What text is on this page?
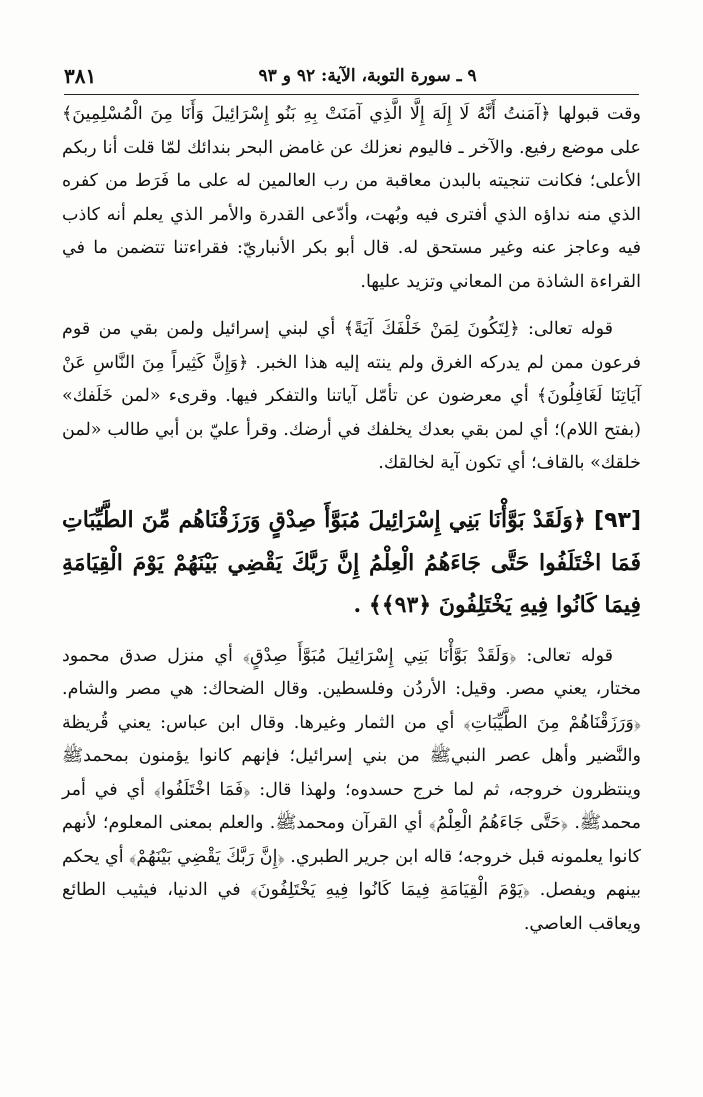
٩ ـ سورة التوبة، الآية: ٩٢ و ٩٣
٣٨١

وقت قبولها ﴿آمَنتُ أَنَّهُ لَا إِلَهَ إِلَّا الَّذِي آمَنَتْ بِهِ بَنُو إِسْرَائِيلَ وَأَنَا مِنَ الْمُسْلِمِينَ﴾ على موضع رفيع. والآخر ـ فاليوم نعزلك عن غامض البحر بندائك لمّا قلت أنا ربكم الأعلى؛ فكانت تنجيته بالبدن معاقبة من رب العالمين له على ما فَرَط من كفره الذي منه نداؤه الذي أفترى فيه وبُهت، وأدّعى القدرة والأمر الذي يعلم أنه كاذب فيه وعاجز عنه وغير مستحق له. قال أبو بكر الأنباريّ: فقراءتنا تتضمن ما في القراءة الشاذة من المعاني وتزيد عليها.

قوله تعالى: ﴿لِتَكُونَ لِمَنْ خَلْفَكَ آيَةً﴾ أي لبني إسرائيل ولمن بقي من قوم فرعون ممن لم يدركه الغرق ولم ينته إليه هذا الخبر. ﴿وَإِنَّ كَثِيراً مِنَ النَّاسِ عَنْ آيَاتِنَا لَغَافِلُونَ﴾ أي معرضون عن تأمّل آياتنا والتفكر فيها. وقرىء «لمن خَلَفك» (بفتح اللام)؛ أي لمن بقي بعدك يخلفك في أرضك. وقرأ عليّ بن أبي طالب «لمن خلقك» بالقاف؛ أي تكون آية لخالقك.

[٩٣] ﴿وَلَقَدْ بَوَّأْنَا بَنِي إِسْرَائِيلَ مُبَوَّأَ صِدْقٍ وَرَزَقْنَاهُم مِّنَ الطَّيِّبَاتِ فَمَا اخْتَلَفُوا حَتَّى جَاءَهُمُ الْعِلْمُ إِنَّ رَبَّكَ يَقْضِي بَيْنَهُمْ يَوْمَ الْقِيَامَةِ فِيمَا كَانُوا فِيهِ يَخْتَلِفُونَ ﴿٩٣﴾﴾ .

قوله تعالى: ﴿وَلَقَدْ بَوَّأْنَا بَنِي إِسْرَائِيلَ مُبَوَّأَ صِدْقٍ﴾ أي منزل صدق محمود مختار، يعني مصر. وقيل: الأردُن وفلسطين. وقال الضحاك: هي مصر والشام. ﴿وَرَزَقْنَاهُمْ مِنَ الطَّيِّبَاتِ﴾ أي من الثمار وغيرها. وقال ابن عباس: يعني قُريظة والنَّضير وأهل عصر النبيﷺ من بني إسرائيل؛ فإنهم كانوا يؤمنون بمحمدﷺ وينتظرون خروجه، ثم لما خرج حسدوه؛ ولهذا قال: ﴿فَمَا اخْتَلَفُوا﴾ أي في أمر محمدﷺ. ﴿حَتَّى جَاءَهُمُ الْعِلْمُ﴾ أي القرآن ومحمدﷺ. والعلم بمعنى المعلوم؛ لأنهم كانوا يعلمونه قبل خروجه؛ قاله ابن جرير الطبري. ﴿إِنَّ رَبَّكَ يَقْضِي بَيْنَهُمْ﴾ أي يحكم بينهم ويفصل. ﴿يَوْمَ الْقِيَامَةِ فِيمَا كَانُوا فِيهِ يَخْتَلِفُونَ﴾ في الدنيا، فيثيب الطائع ويعاقب العاصي.
